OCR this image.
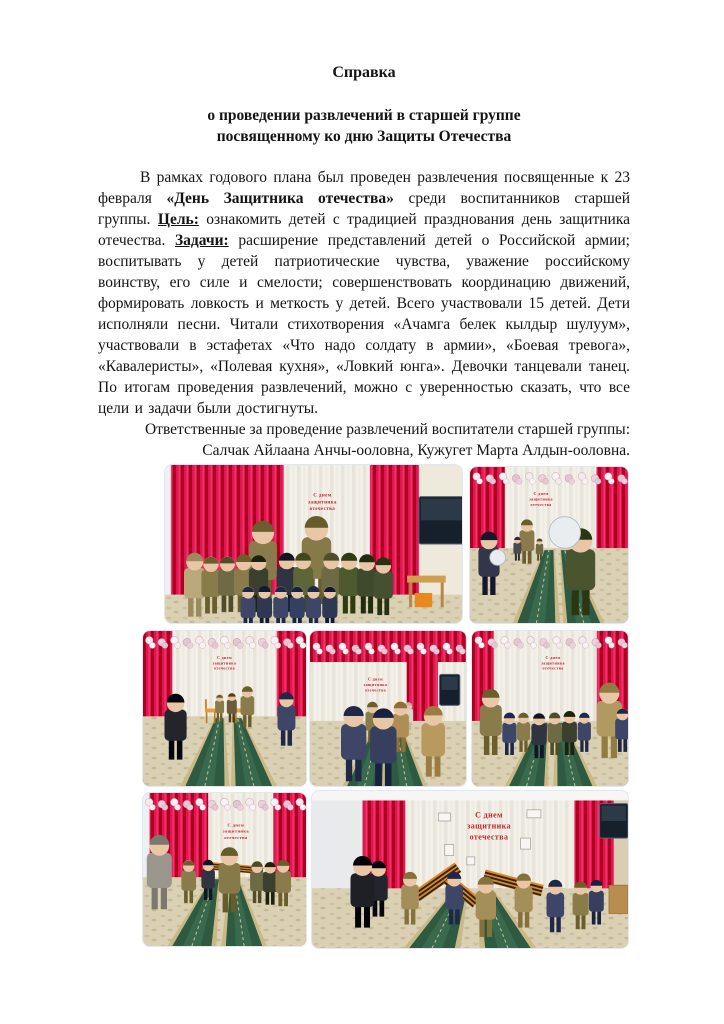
Справка
о проведении развлечений в старшей группе
посвященному ко дню Защиты Отечества

В рамках годового плана был проведен развлечения посвященные к 23 февраля «День Защитника отечества» среди воспитанников старшей группы. Цель: ознакомить детей с традицией празднования день защитника отечества. Задачи: расширение представлений детей о Российской армии; воспитывать у детей патриотические чувства, уважение российскому воинству, его силе и смелости; совершенствовать координацию движений, формировать ловкость и меткость у детей. Всего участвовали 15 детей. Дети исполняли песни. Читали стихотворения «Ачамга белек кылдыр шулуум», участвовали в эстафетах «Что надо солдату в армии», «Боевая тревога», «Кавалеристы», «Полевая кухня», «Ловкий юнга». Девочки танцевали танец. По итогам проведения развлечений, можно с уверенностью сказать, что все цели и задачи были достигнуты.

Ответственные за проведение развлечений воспитатели старшей группы:
Салчак Айлаана Анчы-ооловна, Кужугет Марта Алдын-ооловна.

С днем
защитника
отечества
С днем
защитника
отечества
С днем
защитника
отечества
С днем
защитника
отечества
С днем
защитника
отечества
С днем
защитника
отечества
С днем
защитника
отечества
